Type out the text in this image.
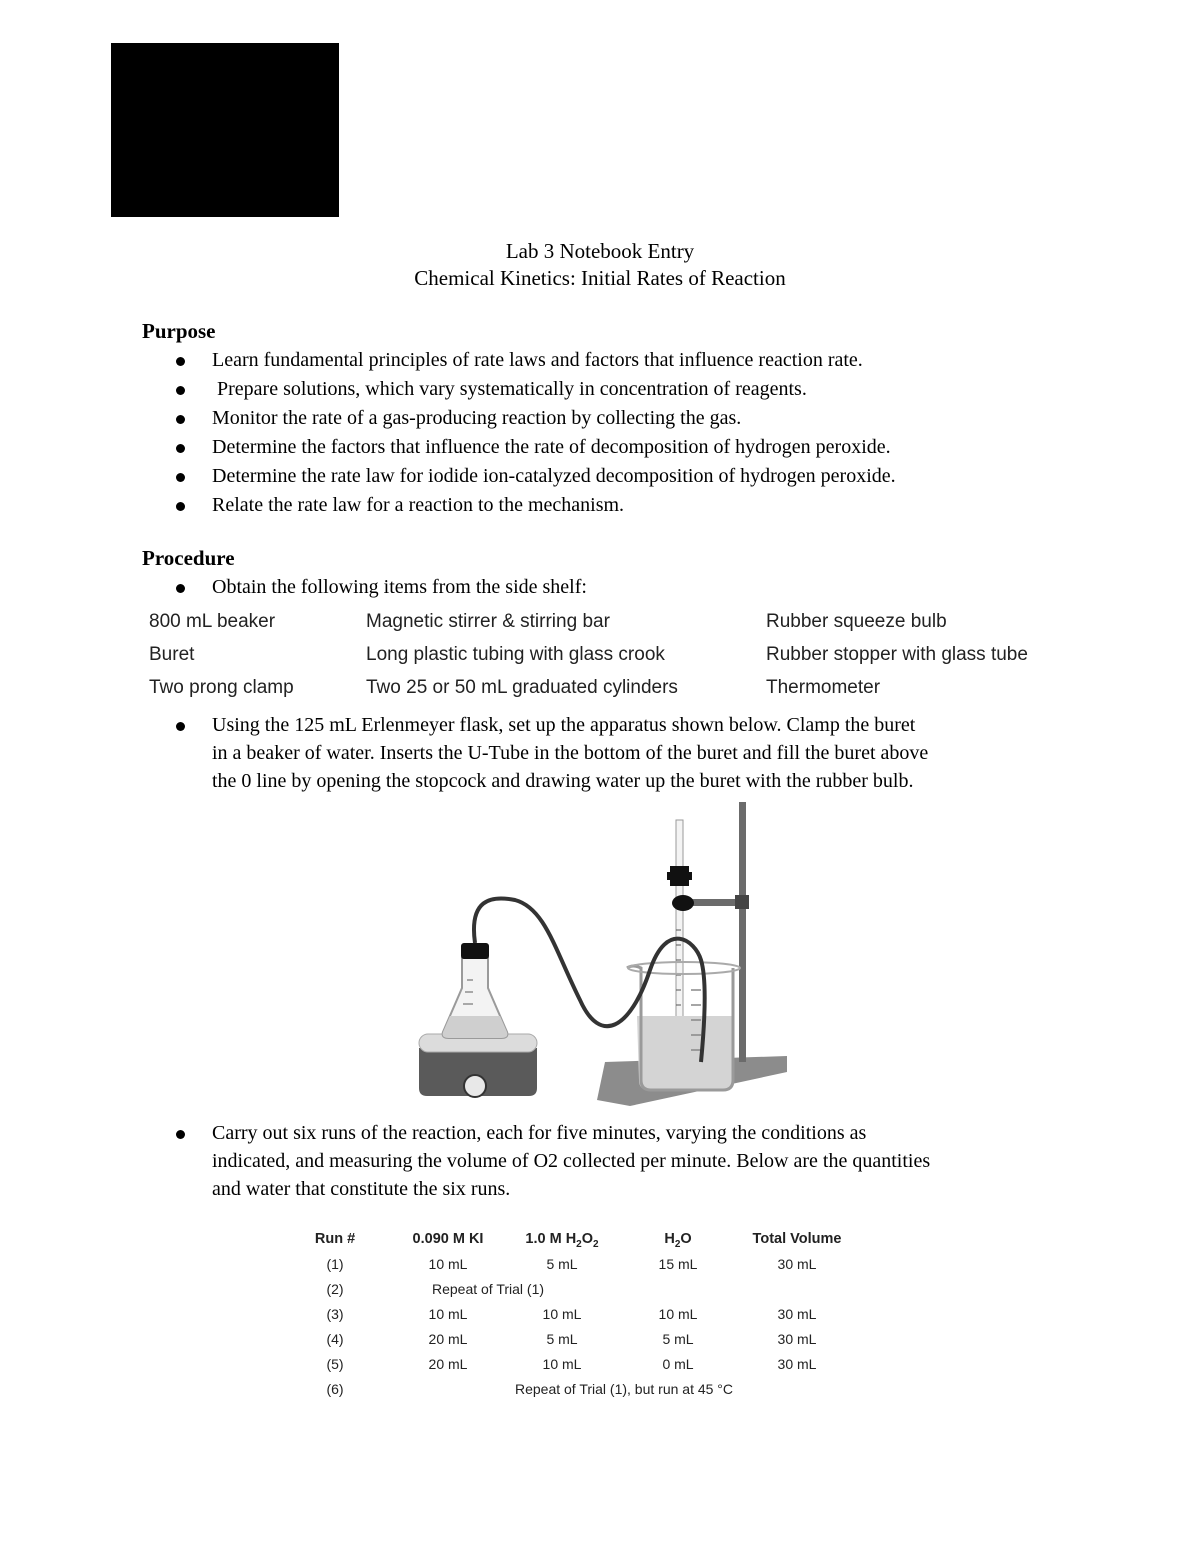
Lab 3 Notebook Entry
Chemical Kinetics: Initial Rates of Reaction
Purpose
Learn fundamental principles of rate laws and factors that influence reaction rate.
Prepare solutions, which vary systematically in concentration of reagents.
Monitor the rate of a gas-producing reaction by collecting the gas.
Determine the factors that influence the rate of decomposition of hydrogen peroxide.
Determine the rate law for iodide ion-catalyzed decomposition of hydrogen peroxide.
Relate the rate law for a reaction to the mechanism.
Procedure
Obtain the following items from the side shelf:
800 mL beaker	Magnetic stirrer & stirring bar	Rubber squeeze bulb
Buret	Long plastic tubing with glass crook	Rubber stopper with glass tube
Two prong clamp	Two 25 or 50 mL graduated cylinders	Thermometer
Using the 125 mL Erlenmeyer flask, set up the apparatus shown below. Clamp the buret
in a beaker of water. Inserts the U-Tube in the bottom of the buret and fill the buret above
the 0 line by opening the stopcock and drawing water up the buret with the rubber bulb.
Carry out six runs of the reaction, each for five minutes, varying the conditions as
indicated, and measuring the volume of O2 collected per minute. Below are the quantities
and water that constitute the six runs.
Run #	0.090 M KI	1.0 M $H_2O_2$	$H_2O$	Total Volume
(1)	10 mL	5 mL	15 mL	30 mL
(2)	Repeat of Trial (1)
(3)	10 mL	10 mL	10 mL	30 mL
(4)	20 mL	5 mL	5 mL	30 mL
(5)	20 mL	10 mL	0 mL	30 mL
(6)	Repeat of Trial (1), but run at 45 °C
